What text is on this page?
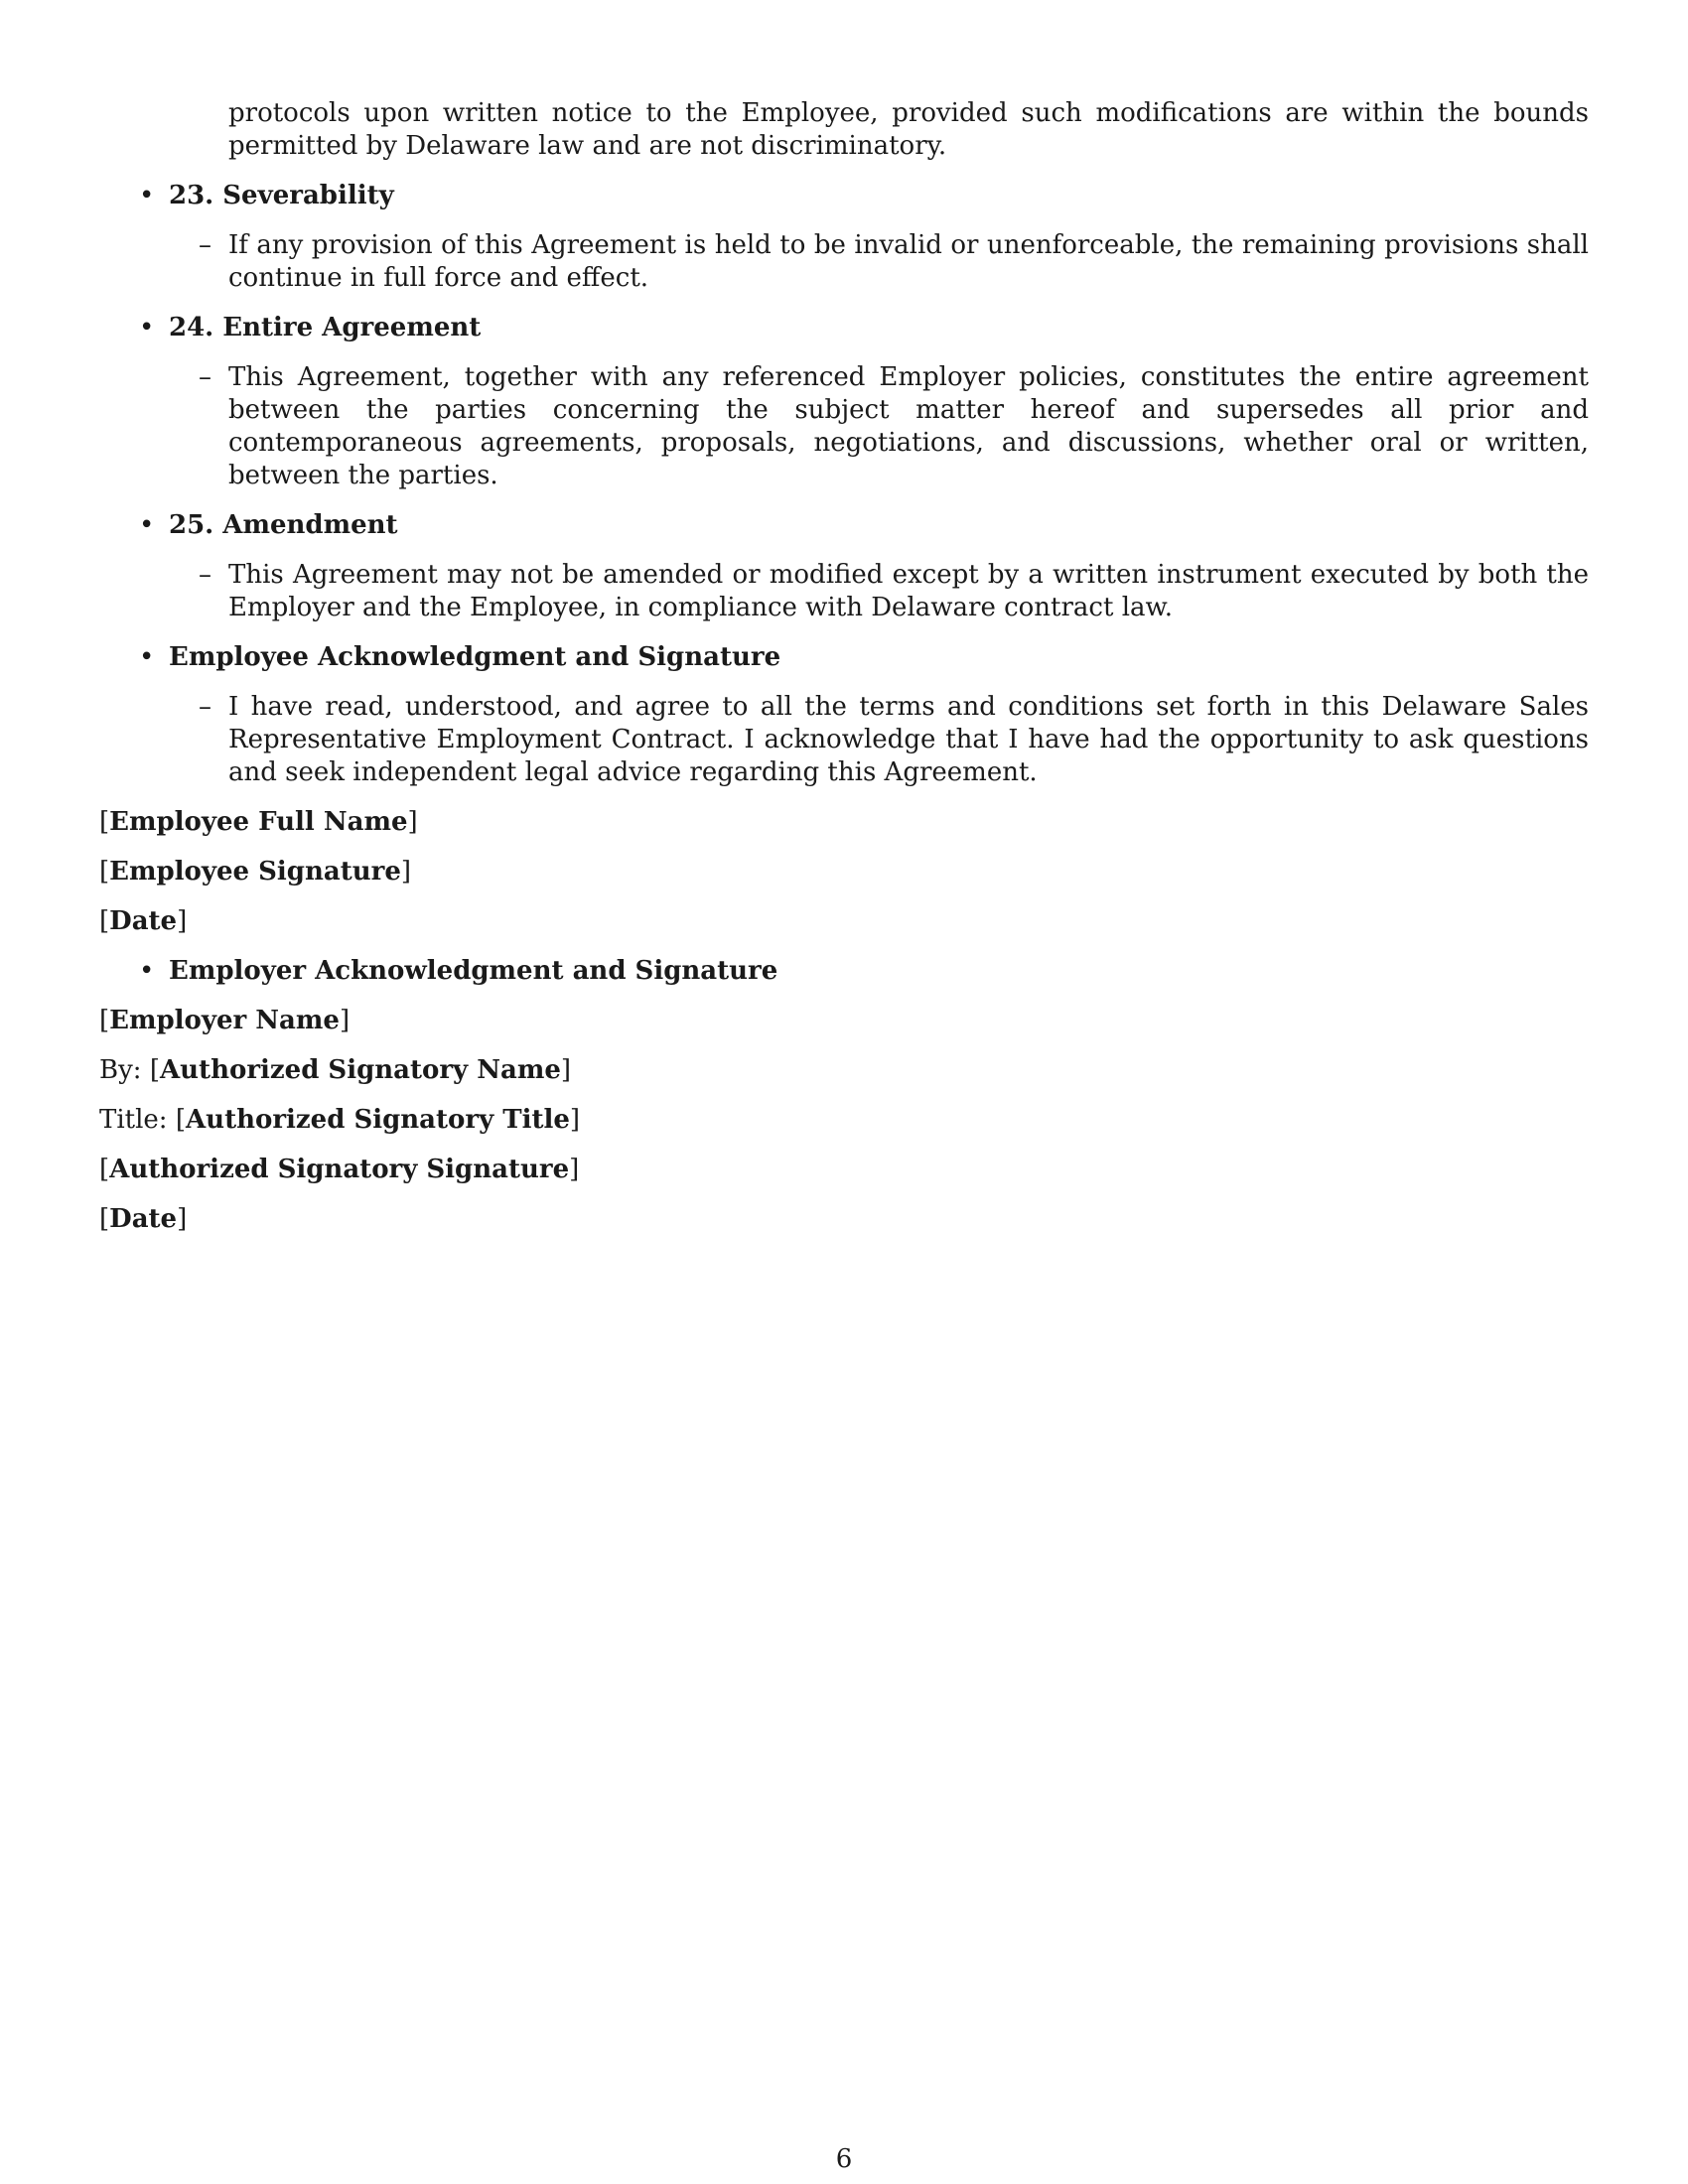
protocols upon written notice to the Employee, provided such modifications are within the bounds permitted by Delaware law and are not discriminatory.
• 23. Severability
– If any provision of this Agreement is held to be invalid or unenforceable, the remaining provisions shall continue in full force and effect.
• 24. Entire Agreement
– This Agreement, together with any referenced Employer policies, constitutes the entire agreement between the parties concerning the subject matter hereof and supersedes all prior and contemporaneous agreements, proposals, negotiations, and discussions, whether oral or written, between the parties.
• 25. Amendment
– This Agreement may not be amended or modified except by a written instrument executed by both the Employer and the Employee, in compliance with Delaware contract law.
• Employee Acknowledgment and Signature
– I have read, understood, and agree to all the terms and conditions set forth in this Delaware Sales Representative Employment Contract. I acknowledge that I have had the opportunity to ask questions and seek independent legal advice regarding this Agreement.
[Employee Full Name]
[Employee Signature]
[Date]
• Employer Acknowledgment and Signature
[Employer Name]
By: [Authorized Signatory Name]
Title: [Authorized Signatory Title]
[Authorized Signatory Signature]
[Date]
6
